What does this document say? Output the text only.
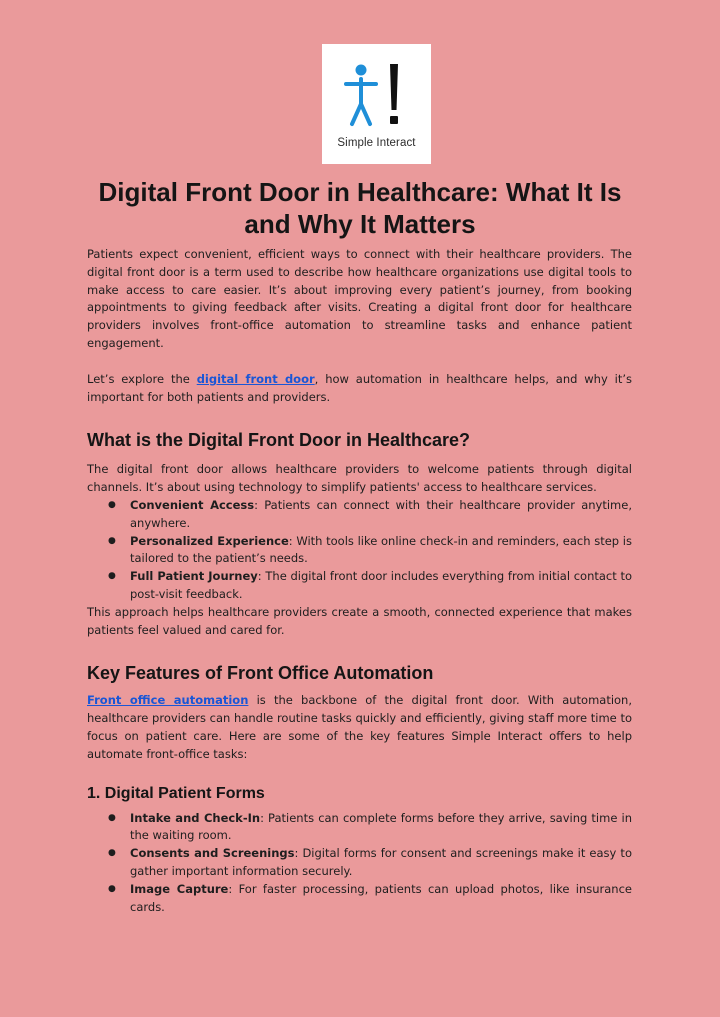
Simple Interact
Digital Front Door in Healthcare: What It Is and Why It Matters

Patients expect convenient, efficient ways to connect with their healthcare providers. The digital front door is a term used to describe how healthcare organizations use digital tools to make access to care easier. It’s about improving every patient’s journey, from booking appointments to giving feedback after visits. Creating a digital front door for healthcare providers involves front-office automation to streamline tasks and enhance patient engagement.

Let’s explore the digital front door, how automation in healthcare helps, and why it’s important for both patients and providers.

What is the Digital Front Door in Healthcare?

The digital front door allows healthcare providers to welcome patients through digital channels. It’s about using technology to simplify patients' access to healthcare services.

● Convenient Access: Patients can connect with their healthcare provider anytime, anywhere.
● Personalized Experience: With tools like online check-in and reminders, each step is tailored to the patient’s needs.
● Full Patient Journey: The digital front door includes everything from initial contact to post-visit feedback.

This approach helps healthcare providers create a smooth, connected experience that makes patients feel valued and cared for.

Key Features of Front Office Automation

Front office automation is the backbone of the digital front door. With automation, healthcare providers can handle routine tasks quickly and efficiently, giving staff more time to focus on patient care. Here are some of the key features Simple Interact offers to help automate front-office tasks:

1. Digital Patient Forms
● Intake and Check-In: Patients can complete forms before they arrive, saving time in the waiting room.
● Consents and Screenings: Digital forms for consent and screenings make it easy to gather important information securely.
● Image Capture: For faster processing, patients can upload photos, like insurance cards.
